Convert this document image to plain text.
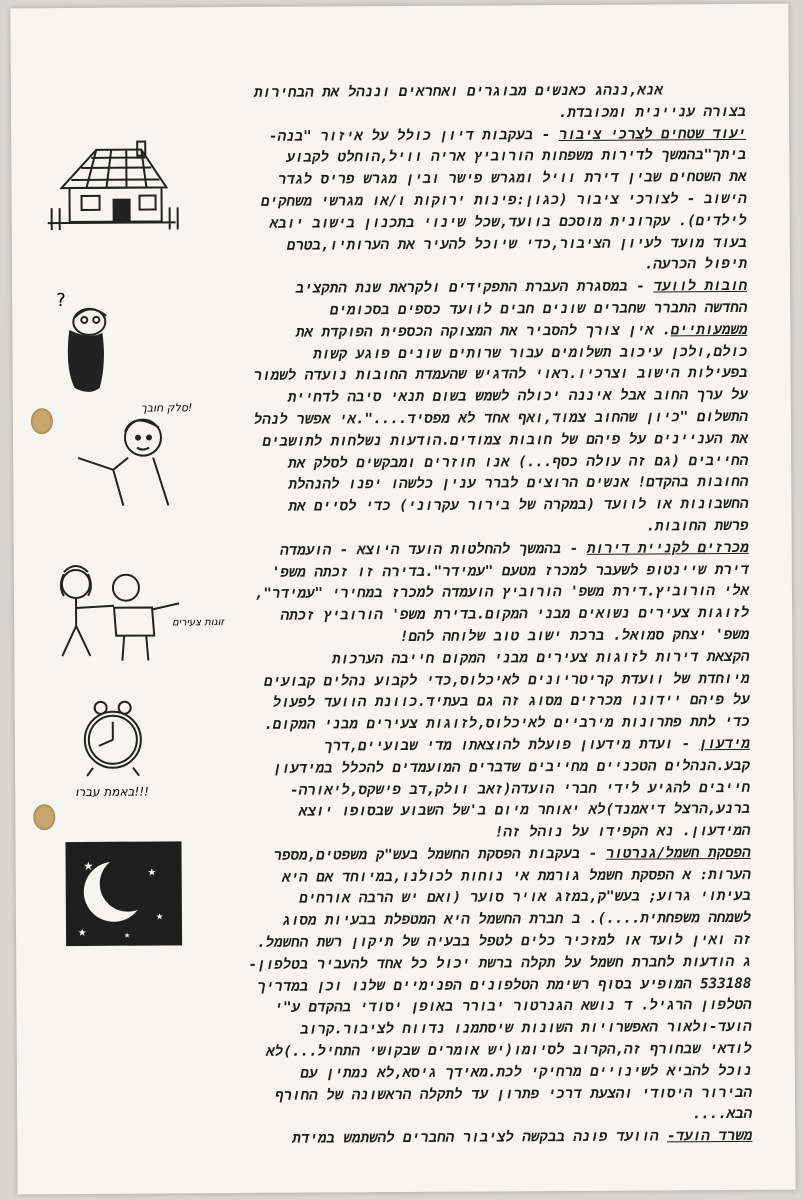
?
סלק חובך!
זוגות צעירים
באמת עברו!!!
★	★
★
★	★

אנא,ננהג כאנשים מבוגרים ואחראים וננהל את הבחירות

בצורה עניינית ומכובדת.

יעוד שטחים לצרכי ציבור - בעקבות דיון כולל על איזור "בנה-

ביתך"בהמשך לדירות משפחות הורוביץ אריה וויל,הוחלט לקבוע

את השטחים שבין דירת וויל ומגרש פישר ובין מגרש פריס לגדר

הישוב - לצורכי ציבור (כגון:פינות ירוקות ו/או מגרשי משחקים

לילדים). עקרונית מוסכם בוועד,שכל שינוי בתכנון בישוב יובא

בעוד מועד לעיון הציבור,כדי שיוכל להעיר את הערותיו,בטרם

תיפול הכרעה.

חובות לוועד - במסגרת העברת התפקידים ולקראת שנת התקציב

החדשה התברר שחברים שונים חבים לוועד כספים בסכומים

משמעותיים. אין צורך להסביר את המצוקה הכספית הפוקדת את

כולם,ולכן עיכוב תשלומים עבור שרותים שונים פוגע קשות

בפעילות הישוב וצרכיו.ראוי להדגיש שהעמדת החובות נועדה לשמור

על ערך החוב אבל איננה יכולה לשמש בשום תנאי סיבה לדחיית

התשלום "כיון שהחוב צמוד,ואף אחד לא מפסיד....".אי אפשר לנהל

את העניינים על פיהם של חובות צמודים.הודעות נשלחות לתושבים

החייבים (גם זה עולה כסף...) אנו חוזרים ומבקשים לסלק את

החובות בהקדם! אנשים הרוצים לברר ענין כלשהו יפנו להנהלת

החשבונות או לוועד (במקרה של בירור עקרוני) כדי לסיים את

פרשת החובות.

מכרזים לקניית דירות - בהמשך להחלטות הועד היוצא - הועמדה

דירת שיינטופ לשעבר למכרז מטעם "עמידר".בדירה זו זכתה משפ'

אלי הורוביץ.דירת משפ' הורוביץ הועמדה למכרז במחירי "עמידר",

לזוגות צעירים נשואים מבני המקום.בדירת משפ' הורוביץ זכתה

משפ' יצחק סמואל. ברכת ישוב טוב שלוחה להם!

הקצאת דירות לזוגות צעירים מבני המקום חייבה הערכות

מיוחדת של וועדת קריטריונים לאיכלוס,כדי לקבוע נהלים קבועים

על פיהם יידונו מכרזים מסוג זה גם בעתיד.כוונת הוועד לפעול

כדי לתת פתרונות מירביים לאיכלוס,לזוגות צעירים מבני המקום.

מידעון - ועדת מידעון פועלת להוצאתו מדי שבועיים,דרך

קבע.הנהלים הטכניים מחייבים שדברים המועמדים להכלל במידעון

חייבים להגיע לידי חברי הועדה(זאב וולק,דב פישקס,ליאורה-

ברנע,הרצל דיאמנד)לא יאוחר מיום ב'של השבוע שבסופו יוצא

המידעון. נא הקפידו על נוהל זה!

הפסקת חשמל/גנרטור - בעקבות הפסקת החשמל בעש"ק משפטים,מספר

הערות: א הפסקת חשמל גורמת אי נוחות לכולנו,במיוחד אם היא

בעיתוי גרוע; בעש"ק,במזג אויר סוער (ואם יש הרבה אורחים

לשמחה משפחתית....). ב חברת החשמל היא המטפלת בבעיות מסוג

זה ואין לועד או למזכיר כלים לטפל בבעיה של תיקון רשת החשמל.

ג הודעות לחברת חשמל על תקלה ברשת יכול כל אחד להעביר בטלפון-

533188 המופיע בסוף רשימת הטלפונים הפנימיים שלנו וכן במדריך

הטלפון הרגיל. ד נושא הגנרטור יבורר באופן יסודי בהקדם ע"י

הועד-ולאור האפשרויות השונות שיסתמנו נדווח לציבור.קרוב

לודאי שבחורף זה,הקרוב לסיומו(יש אומרים שבקושי התחיל...)לא

נוכל להביא לשינויים מרחיקי לכת.מאידך גיסא,לא נמתין עם

הבירור היסודי והצעת דרכי פתרון עד לתקלה הראשונה של החורף

הבא....

משרד הועד- הוועד פונה בבקשה לציבור החברים להשתמש במידת
